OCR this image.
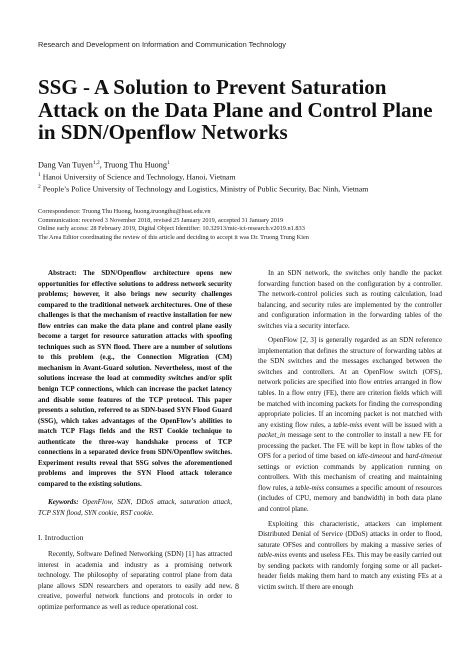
Research and Development on Information and Communication Technology
SSG - A Solution to Prevent Saturation Attack on the Data Plane and Control Plane in SDN/Openflow Networks
Dang Van Tuyen$^{1,2}$, Truong Thu Huong$^1$
$^1$ Hanoi University of Science and Technology, Hanoi, Vietnam
$^2$ People’s Police University of Technology and Logistics, Ministry of Public Security, Bac Ninh, Vietnam
Correspondence: Truong Thu Huong, huong.truongthu@hust.edu.vn
Communication: received 3 November 2018, revised 25 January 2019, accepted 31 January 2019
Online early access: 28 February 2019, Digital Object Identifier: 10.32913/mic-ict-research.v2019.n1.833
The Area Editor coordinating the review of this article and deciding to accept it was Dr. Truong Trung Kien
Abstract: The SDN/Openflow architecture opens new opportunities for effective solutions to address network security problems; however, it also brings new security challenges compared to the traditional network architectures. One of these challenges is that the mechanism of reactive installation for new flow entries can make the data plane and control plane easily become a target for resource saturation attacks with spoofing techniques such as SYN flood. There are a number of solutions to this problem (e.g., the Connection Migration (CM) mechanism in Avant-Guard solution. Nevertheless, most of the solutions increase the load at commodity switches and/or split benign TCP connections, which can increase the packet latency and disable some features of the TCP protocol. This paper presents a solution, referred to as SDN-based SYN Flood Guard (SSG), which takes advantages of the OpenFlow’s abilities to match TCP Flags fields and the RST Cookie technique to authenticate the three-way handshake process of TCP connections in a separated device from SDN/Openflow switches. Experiment results reveal that SSG solves the aforementioned problems and improves the SYN Flood attack tolerance compared to the existing solutions.
Keywords: OpenFlow, SDN, DDoS attack, saturation attack, TCP SYN flood, SYN cookie, RST cookie.
I. Introduction
Recently, Software Defined Networking (SDN) [1] has attracted interest in academia and industry as a promising network technology. The philosophy of separating control plane from data plane allows SDN researchers and operators to easily add new, creative, powerful network functions and protocols in order to optimize performance as well as reduce operational cost.
In an SDN network, the switches only handle the packet forwarding function based on the configuration by a controller. The network-control policies such as routing calculation, load balancing, and security rules are implemented by the controller and configuration information in the forwarding tables of the switches via a security interface.
OpenFlow [2, 3] is generally regarded as an SDN reference implementation that defines the structure of forwarding tables at the SDN switches and the messages exchanged between the switches and controllers. At an OpenFlow switch (OFS), network policies are specified into flow entries arranged in flow tables. In a flow entry (FE), there are criterion fields which will be matched with incoming packets for finding the corresponding appropriate policies. If an incoming packet is not matched with any existing flow rules, a table-miss event will be issued with a packet_in message sent to the controller to install a new FE for processing the packet. The FE will be kept in flow tables of the OFS for a period of time based on idle-timeout and hard-timeout settings or eviction commands by application running on controllers. With this mechanism of creating and maintaining flow rules, a table-miss consumes a specific amount of resources (includes of CPU, memory and bandwidth) in both data plane and control plane.
Exploiting this characteristic, attackers can implement Distributed Denial of Service (DDoS) attacks in order to flood, saturate OFSes and controllers by making a massive series of table-miss events and useless FEs. This may be easily carried out by sending packets with randomly forging some or all packet-header fields making them hard to match any existing FEs at a victim switch. If there are enough
8
